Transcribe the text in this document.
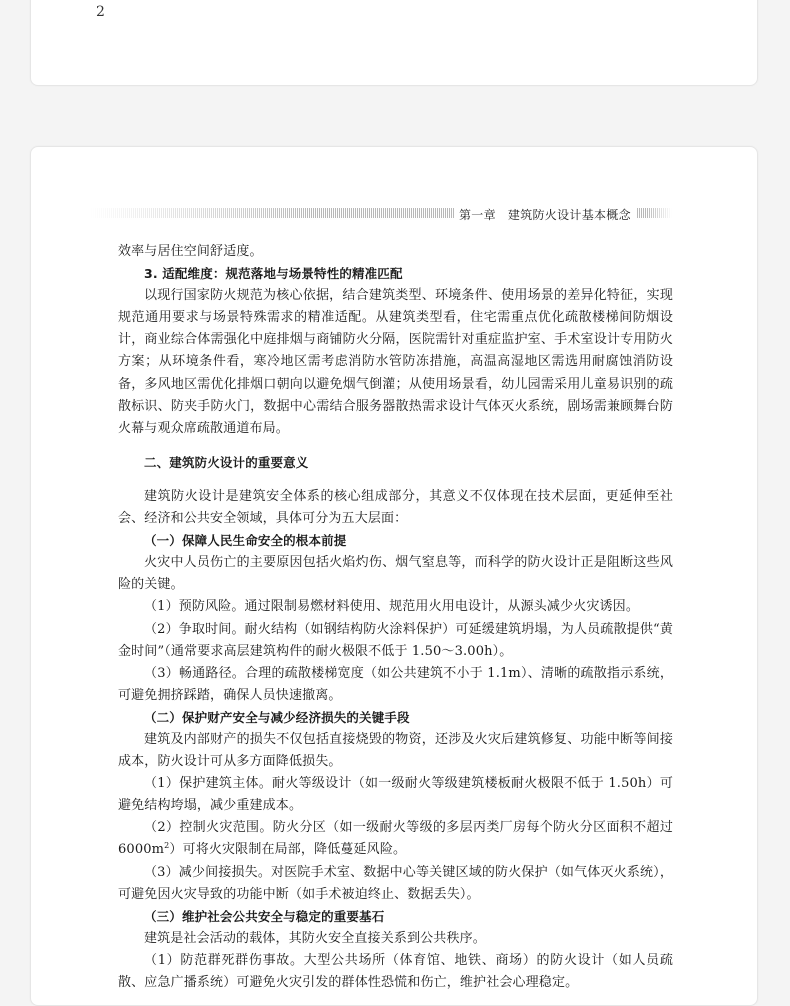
2
第一章 建筑防火设计基本概念

效率与居住空间舒适度。

3. 适配维度：规范落地与场景特性的精准匹配

以现行国家防火规范为核心依据，结合建筑类型、环境条件、使用场景的差异化特征，实现规范通用要求与场景特殊需求的精准适配。从建筑类型看，住宅需重点优化疏散楼梯间防烟设计，商业综合体需强化中庭排烟与商铺防火分隔，医院需针对重症监护室、手术室设计专用防火方案；从环境条件看，寒冷地区需考虑消防水管防冻措施，高温高湿地区需选用耐腐蚀消防设备，多风地区需优化排烟口朝向以避免烟气倒灌；从使用场景看，幼儿园需采用儿童易识别的疏散标识、防夹手防火门，数据中心需结合服务器散热需求设计气体灭火系统，剧场需兼顾舞台防火幕与观众席疏散通道布局。

二、建筑防火设计的重要意义

建筑防火设计是建筑安全体系的核心组成部分，其意义不仅体现在技术层面，更延伸至社会、经济和公共安全领域，具体可分为五大层面：

（一）保障人民生命安全的根本前提

火灾中人员伤亡的主要原因包括火焰灼伤、烟气窒息等，而科学的防火设计正是阻断这些风险的关键。

（1）预防风险。通过限制易燃材料使用、规范用火用电设计，从源头减少火灾诱因。

（2）争取时间。耐火结构（如钢结构防火涂料保护）可延缓建筑坍塌，为人员疏散提供“黄金时间”（通常要求高层建筑构件的耐火极限不低于 1.50～3.00h）。

（3）畅通路径。合理的疏散楼梯宽度（如公共建筑不小于 1.1m）、清晰的疏散指示系统，可避免拥挤踩踏，确保人员快速撤离。

（二）保护财产安全与减少经济损失的关键手段

建筑及内部财产的损失不仅包括直接烧毁的物资，还涉及火灾后建筑修复、功能中断等间接成本，防火设计可从多方面降低损失。

（1）保护建筑主体。耐火等级设计（如一级耐火等级建筑楼板耐火极限不低于 1.50h）可避免结构垮塌，减少重建成本。

（2）控制火灾范围。防火分区（如一级耐火等级的多层丙类厂房每个防火分区面积不超过 $6000m^2$）可将火灾限制在局部，降低蔓延风险。

（3）减少间接损失。对医院手术室、数据中心等关键区域的防火保护（如气体灭火系统），可避免因火灾导致的功能中断（如手术被迫终止、数据丢失）。

（三）维护社会公共安全与稳定的重要基石

建筑是社会活动的载体，其防火安全直接关系到公共秩序。

（1）防范群死群伤事故。大型公共场所（体育馆、地铁、商场）的防火设计（如人员疏散、应急广播系统）可避免火灾引发的群体性恐慌和伤亡，维护社会心理稳定。
